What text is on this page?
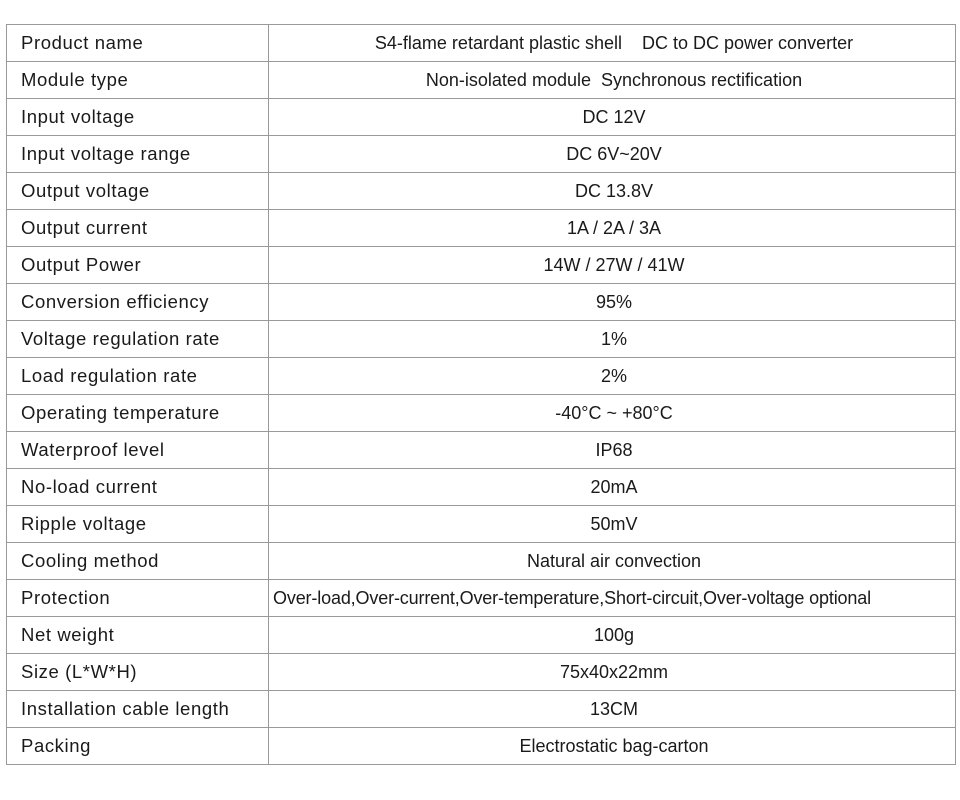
Product name	S4-flame retardant plastic shell    DC to DC power converter
Module type	Non-isolated module  Synchronous rectification
Input voltage	DC 12V
Input voltage range	DC 6V~20V
Output voltage	DC 13.8V
Output current	1A / 2A / 3A
Output Power	14W / 27W / 41W
Conversion efficiency	95%
Voltage regulation rate	1%
Load regulation rate	2%
Operating temperature	-40°C ~ +80°C
Waterproof level	IP68
No-load current	20mA
Ripple voltage	50mV
Cooling method	Natural air convection
Protection	Over-load,Over-current,Over-temperature,Short-circuit,Over-voltage optional
Net weight	100g
Size (L*W*H)	75x40x22mm
Installation cable length	13CM
Packing	Electrostatic bag-carton
